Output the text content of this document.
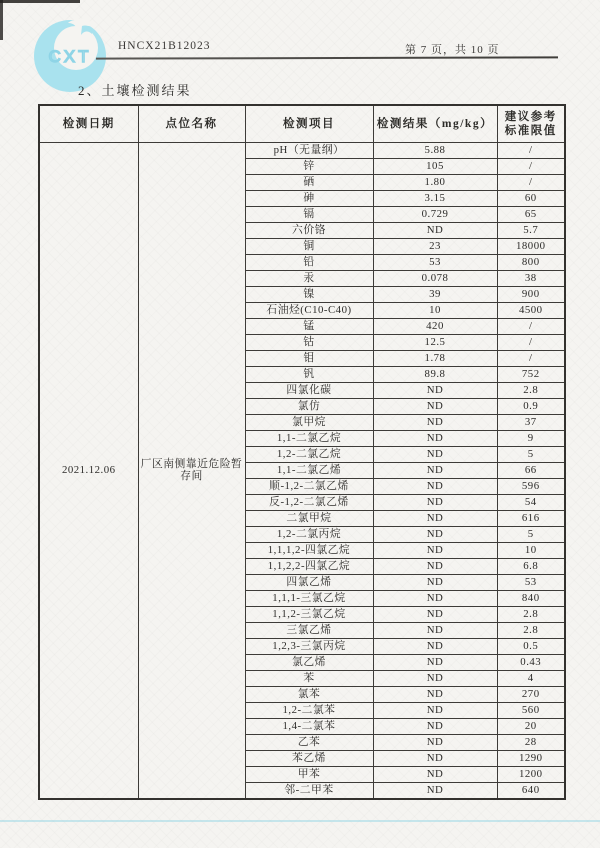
CXT
HNCX21B12023	第 7 页，共 10 页
2、土壤检测结果
检测日期	点位名称	检测项目	检测结果（mg/kg）	建议参考
标准限值
2021.12.06	厂区南侧靠近危险暂存间	pH（无量纲）	5.88	/
		锌	105	/
		硒	1.80	/
		砷	3.15	60
		镉	0.729	65
		六价铬	ND	5.7
		铜	23	18000
		铅	53	800
		汞	0.078	38
		镍	39	900
		石油烃(C10-C40)	10	4500
		锰	420	/
		钴	12.5	/
		钼	1.78	/
		钒	89.8	752
		四氯化碳	ND	2.8
		氯仿	ND	0.9
		氯甲烷	ND	37
		1,1-二氯乙烷	ND	9
		1,2-二氯乙烷	ND	5
		1,1-二氯乙烯	ND	66
		顺-1,2-二氯乙烯	ND	596
		反-1,2-二氯乙烯	ND	54
		二氯甲烷	ND	616
		1,2-二氯丙烷	ND	5
		1,1,1,2-四氯乙烷	ND	10
		1,1,2,2-四氯乙烷	ND	6.8
		四氯乙烯	ND	53
		1,1,1-三氯乙烷	ND	840
		1,1,2-三氯乙烷	ND	2.8
		三氯乙烯	ND	2.8
		1,2,3-三氯丙烷	ND	0.5
		氯乙烯	ND	0.43
		苯	ND	4
		氯苯	ND	270
		1,2-二氯苯	ND	560
		1,4-二氯苯	ND	20
		乙苯	ND	28
		苯乙烯	ND	1290
		甲苯	ND	1200
		邻-二甲苯	ND	640
